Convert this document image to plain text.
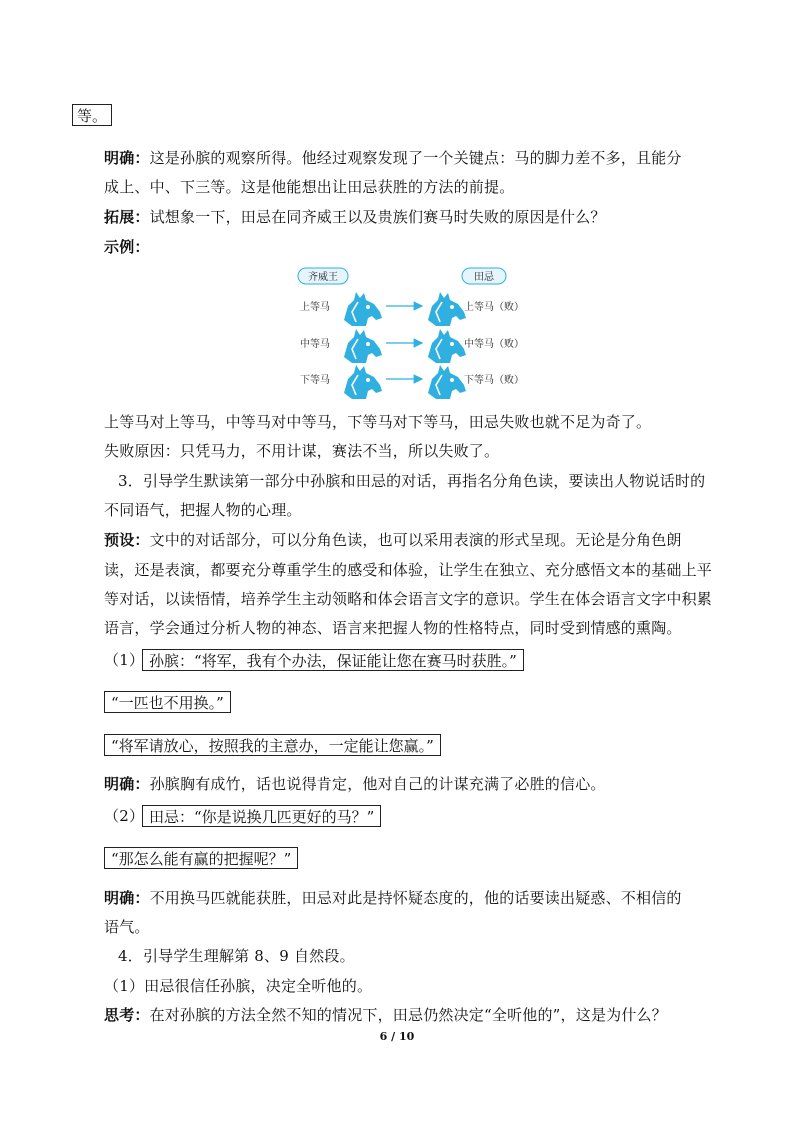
等。
明确：这是孙膑的观察所得。他经过观察发现了一个关键点：马的脚力差不多，且能分
成上、中、下三等。这是他能想出让田忌获胜的方法的前提。
拓展：试想象一下，田忌在同齐威王以及贵族们赛马时失败的原因是什么？
示例：
齐威王	田忌
上等马	上等马（败）
中等马	中等马（败）
下等马	下等马（败）
上等马对上等马，中等马对中等马，下等马对下等马，田忌失败也就不足为奇了。
失败原因：只凭马力，不用计谋，赛法不当，所以失败了。
3．引导学生默读第一部分中孙膑和田忌的对话，再指名分角色读，要读出人物说话时的
不同语气，把握人物的心理。
预设：文中的对话部分，可以分角色读，也可以采用表演的形式呈现。无论是分角色朗
读，还是表演，都要充分尊重学生的感受和体验，让学生在独立、充分感悟文本的基础上平
等对话，以读悟情，培养学生主动领略和体会语言文字的意识。学生在体会语言文字中积累
语言，学会通过分析人物的神态、语言来把握人物的性格特点，同时受到情感的熏陶。
（1） 孙膑：“将军，我有个办法，保证能让您在赛马时获胜。”
“一匹也不用换。”
“将军请放心，按照我的主意办，一定能让您赢。”
明确：孙膑胸有成竹，话也说得肯定，他对自己的计谋充满了必胜的信心。
（2） 田忌：“你是说换几匹更好的马？”
“那怎么能有赢的把握呢？”
明确：不用换马匹就能获胜，田忌对此是持怀疑态度的，他的话要读出疑惑、不相信的
语气。
4．引导学生理解第 8、9 自然段。
（1）田忌很信任孙膑，决定全听他的。
思考：在对孙膑的方法全然不知的情况下，田忌仍然决定“全听他的”，这是为什么？
6 / 10
